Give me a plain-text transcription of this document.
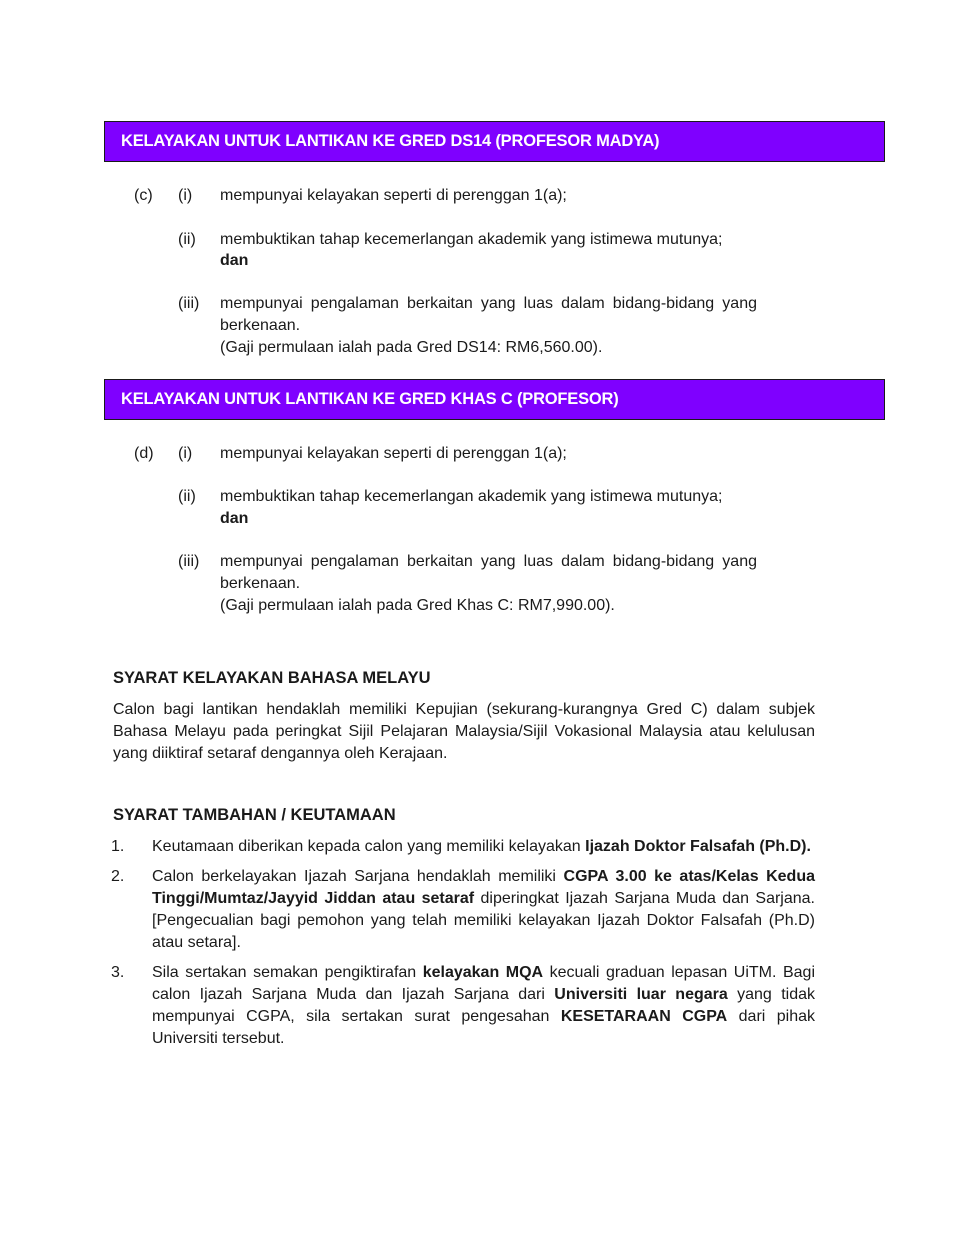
KELAYAKAN UNTUK LANTIKAN KE GRED DS14 (PROFESOR MADYA)
(c) (i) mempunyai kelayakan seperti di perenggan 1(a);
(ii) membuktikan tahap kecemerlangan akademik yang istimewa mutunya;
dan
(iii) mempunyai pengalaman berkaitan yang luas dalam bidang-bidang yang
berkenaan.
(Gaji permulaan ialah pada Gred DS14: RM6,560.00).
KELAYAKAN UNTUK LANTIKAN KE GRED KHAS C (PROFESOR)
(d) (i) mempunyai kelayakan seperti di perenggan 1(a);
(ii) membuktikan tahap kecemerlangan akademik yang istimewa mutunya;
dan
(iii) mempunyai pengalaman berkaitan yang luas dalam bidang-bidang yang
berkenaan.
(Gaji permulaan ialah pada Gred Khas C: RM7,990.00).
SYARAT KELAYAKAN BAHASA MELAYU
Calon bagi lantikan hendaklah memiliki Kepujian (sekurang-kurangnya Gred C) dalam subjek Bahasa Melayu pada peringkat Sijil Pelajaran Malaysia/Sijil Vokasional Malaysia atau kelulusan yang diiktiraf setaraf dengannya oleh Kerajaan.
SYARAT TAMBAHAN / KEUTAMAAN
1. Keutamaan diberikan kepada calon yang memiliki kelayakan Ijazah Doktor Falsafah (Ph.D).
2. Calon berkelayakan Ijazah Sarjana hendaklah memiliki CGPA 3.00 ke atas/Kelas Kedua Tinggi/Mumtaz/Jayyid Jiddan atau setaraf diperingkat Ijazah Sarjana Muda dan Sarjana. [Pengecualian bagi pemohon yang telah memiliki kelayakan Ijazah Doktor Falsafah (Ph.D) atau setara].
3. Sila sertakan semakan pengiktirafan kelayakan MQA kecuali graduan lepasan UiTM. Bagi calon Ijazah Sarjana Muda dan Ijazah Sarjana dari Universiti luar negara yang tidak mempunyai CGPA, sila sertakan surat pengesahan KESETARAAN CGPA dari pihak Universiti tersebut.
